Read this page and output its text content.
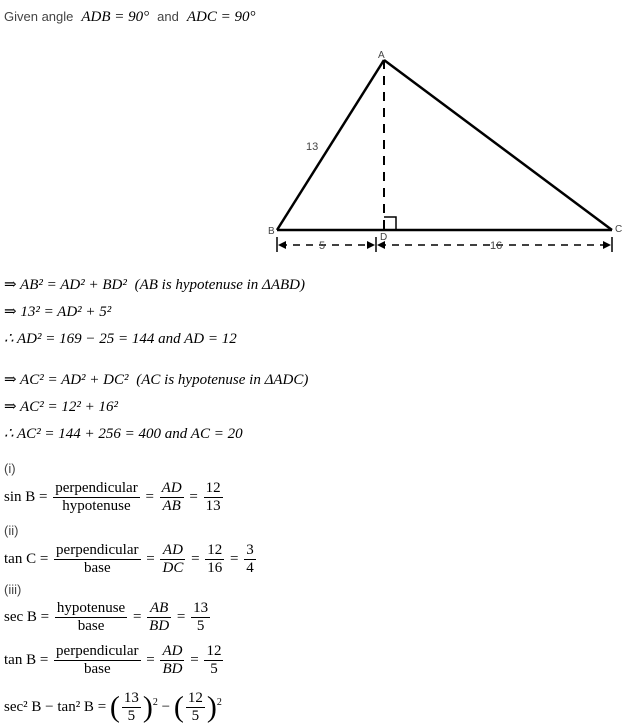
Given angle ADB = 90° and ADC = 90°
A
B	C
D
13
5	16
⇒ AB² = AD² + BD² (AB is hypotenuse in ΔABD)
⇒ 13² = AD² + 5²
∴ AD² = 169 − 25 = 144 and AD = 12
⇒ AC² = AD² + DC² (AC is hypotenuse in ΔADC)
⇒ AC² = 12² + 16²
∴ AC² = 144 + 256 = 400 and AC = 20
(i)
$\sin B = \frac{\text{perpendicular}}{\text{hypotenuse}} = \frac{AD}{AB} = \frac{12}{13}$
(ii)
$\tan C = \frac{\text{perpendicular}}{\text{base}} = \frac{AD}{DC} = \frac{12}{16} = \frac{3}{4}$
(iii)
$\sec B = \frac{\text{hypotenuse}}{\text{base}} = \frac{AB}{BD} = \frac{13}{5}$
$\tan B = \frac{\text{perpendicular}}{\text{base}} = \frac{AD}{BD} = \frac{12}{5}$
sec² B − tan² B = ( $\frac{13}{5} )^2$ − ( $\frac{12}{5} )^2$
